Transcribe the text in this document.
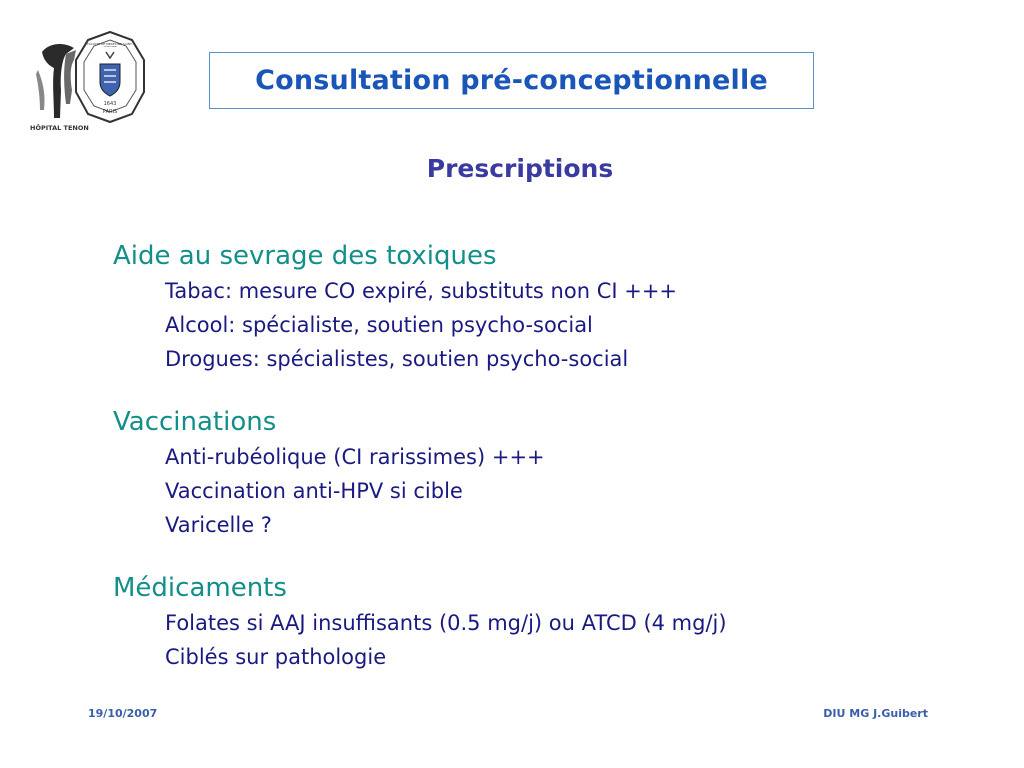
FACULTÉ DE MÉDECINE SAINT-ANTOINE
1643
PARIS
HÔPITAL TENON
Consultation pré-conceptionnelle
Prescriptions
Aide au sevrage des toxiques
Tabac: mesure CO expiré, substituts non CI +++
Alcool: spécialiste, soutien psycho-social
Drogues: spécialistes, soutien psycho-social
Vaccinations
Anti-rubéolique (CI rarissimes) +++
Vaccination anti-HPV si cible
Varicelle ?
Médicaments
Folates si AAJ insuffisants (0.5 mg/j) ou ATCD (4 mg/j)
Ciblés sur pathologie
19/10/2007	DIU MG J.Guibert
